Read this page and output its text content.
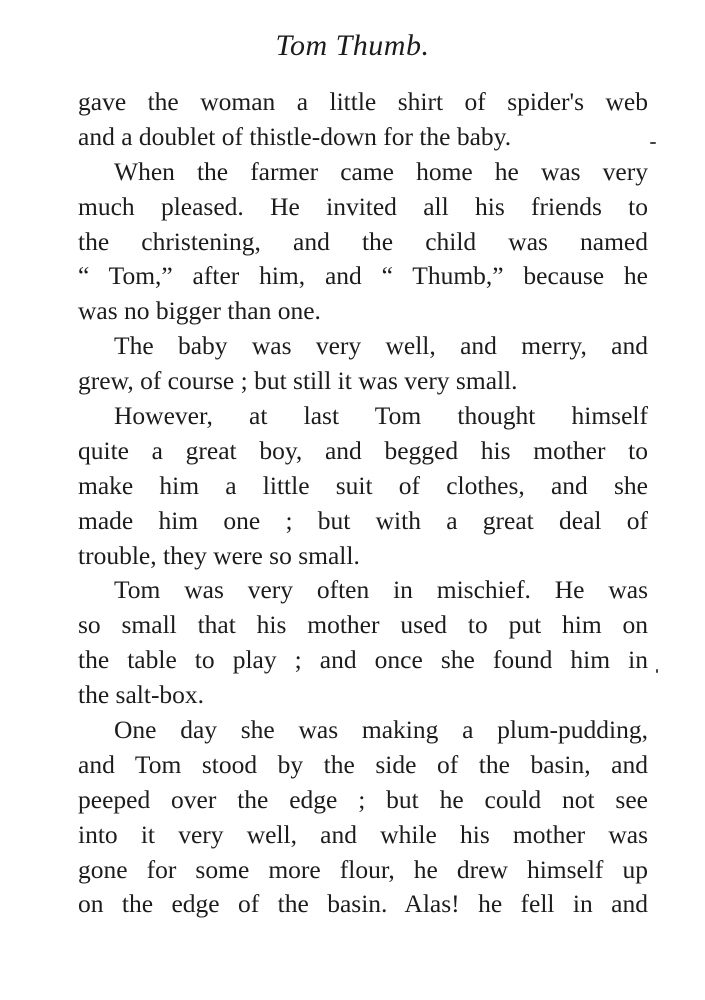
Tom Thumb.
gave the woman a little shirt of spider's web
and a doublet of thistle-down for the baby.
When the farmer came home he was very
much pleased. He invited all his friends to
the christening, and the child was named
“ Tom,” after him, and “ Thumb,” because he
was no bigger than one.
The baby was very well, and merry, and
grew, of course ; but still it was very small.
However, at last Tom thought himself
quite a great boy, and begged his mother to
make him a little suit of clothes, and she
made him one ; but with a great deal of
trouble, they were so small.
Tom was very often in mischief. He was
so small that his mother used to put him on
the table to play ; and once she found him in
the salt-box.
One day she was making a plum-pudding,
and Tom stood by the side of the basin, and
peeped over the edge ; but he could not see
into it very well, and while his mother was
gone for some more flour, he drew himself up
on the edge of the basin. Alas! he fell in and
